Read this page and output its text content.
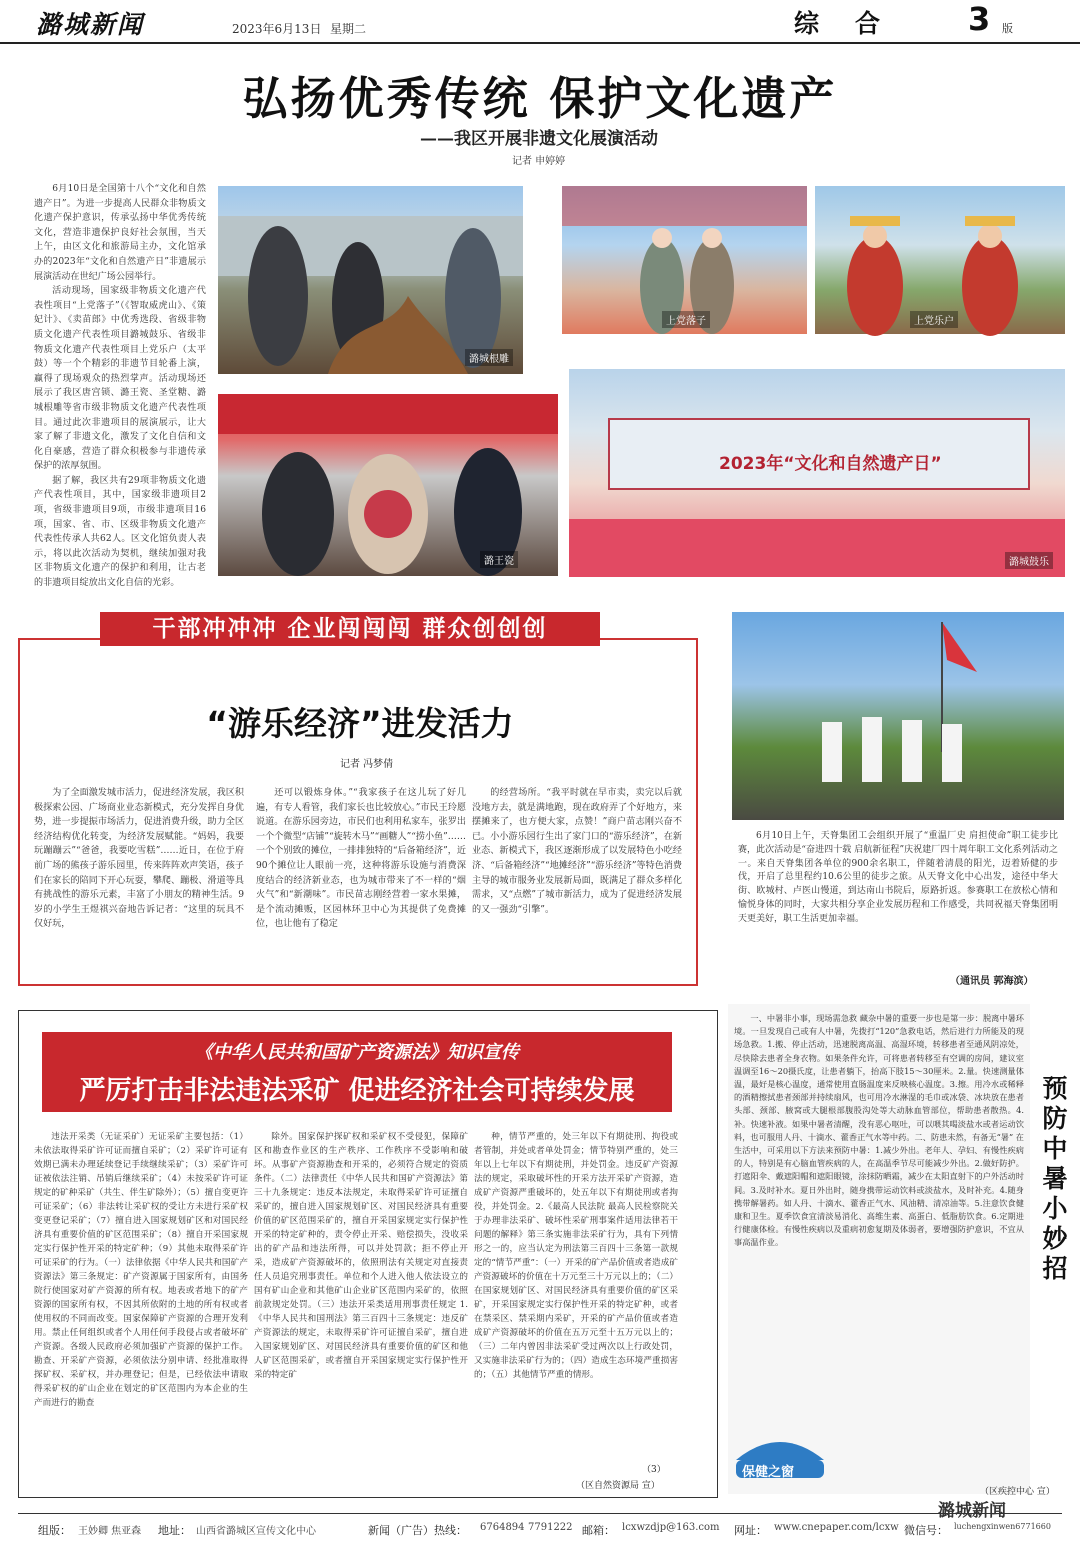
潞城新闻	2023年6月13日 星期二	综合 3 版
弘扬优秀传统 保护文化遗产
——我区开展非遗文化展演活动
记者 申婷婷

6月10日是全国第十八个“文化和自然遗产日”。为进一步提高人民群众非物质文化遗产保护意识，传承弘扬中华优秀传统文化，营造非遗保护良好社会氛围，当天上午，由区文化和旅游局主办，文化馆承办的2023年“文化和自然遗产日”非遗展示展演活动在世纪广场公园举行。

活动现场，国家级非物质文化遗产代表性项目“上党落子”（《智取威虎山》、《策妃计》、《卖苗郎》中优秀选段、省级非物质文化遗产代表性项目潞城鼓乐、省级非物质文化遗产代表性项目上党乐户（太平鼓）等一个个精彩的非遗节目轮番上演，赢得了现场观众的热烈掌声。活动现场还展示了我区唐宫锁、潞王瓷、圣堂糖、潞城根雕等省市级非物质文化遗产代表性项目。通过此次非遗项目的展演展示，让大家了解了非遗文化，激发了文化自信和文化自豪感，营造了群众积极参与非遗传承保护的浓厚氛围。

据了解，我区共有29项非物质文化遗产代表性项目，其中，国家级非遗项目2项，省级非遗项目9项，市级非遗项目16项，国家、省、市、区级非物质文化遗产代表性传承人共62人。区文化馆负责人表示，将以此次活动为契机，继续加强对我区非物质文化遗产的保护和利用，让古老的非遗项目绽放出文化自信的光彩。

潞城根雕
上党落子	上党乐户
潞王瓷
2023年“文化和自然遗产日”
潞城鼓乐
“游乐经济”进发活力
记者 冯梦倩
干部冲冲冲 企业闯闯闯 群众创创创

为了全面激发城市活力，促进经济发展，我区积极探索公园、广场商业业态新模式，充分发挥自身优势，进一步提振市场活力，促进消费升级，助力全区经济结构优化转变，为经济发展赋能。“妈妈，我要玩蹦蹦云”“爸爸，我要吃雪糕”……近日，在位于府前广场的熊孩子游乐园里，传来阵阵欢声笑语，孩子们在家长的陪同下开心玩耍，攀爬、蹦极、滑道等具有挑战性的游乐元素，丰富了小朋友的精神生活。9岁的小学生王煜祺兴奋地告诉记者：“这里的玩具不仅好玩，

还可以锻炼身体。”“我家孩子在这儿玩了好几遍，有专人看管，我们家长也比较放心。”市民王玲愿说道。在游乐园旁边，市民们也利用私家车，张罗出一个个微型“店铺”“旋转木马”“画糖人”“捞小鱼”……一个个别致的摊位，一排排独特的“后备箱经济”，近90个摊位让人眼前一亮，这种将游乐设施与消费深度结合的经济新业态，也为城市带来了不一样的“烟火气”和“新潮味”。市民苗志刚经营着一家水果摊，是个流动摊贩，区园林环卫中心为其提供了免费摊位，也让他有了稳定

的经营场所。“我平时就在早市卖，卖完以后就没地方去，就是满地跑，现在政府弄了个好地方，来摆摊来了，也方便大家，点赞！”商户苗志刚兴奋不已。小小游乐园行生出了家门口的“游乐经济”，在新业态、新模式下，我区逐渐形成了以发展特色小吃经济、“后备箱经济”“地摊经济”“游乐经济”等特色消费主导的城市服务业发展新局面，既满足了群众多样化需求，又“点燃”了城市新活力，成为了促进经济发展的又一强劲“引擎”。

6月10日上午，天脊集团工会组织开展了“重温厂史 肩担使命”职工徒步比赛，此次活动是“奋进四十载 启航新征程”庆祝建厂四十周年职工文化系列活动之一。来自天脊集团各单位的900余名职工，伴随着清晨的阳光，迈着矫健的步伐，开启了总里程约10.6公里的徒步之旅。从天脊文化中心出发，途径中华大街、欧城村、卢医山慢道，到达南山书院后，原路折返。参赛职工在放松心情和愉悦身体的同时，大家共相分享企业发展历程和工作感受，共同祝福天脊集团明天更美好，职工生活更加幸福。

（通讯员 郭海滨）
《中华人民共和国矿产资源法》知识宣传
严厉打击非法违法采矿 促进经济社会可持续发展

违法开采类（无证采矿）无证采矿主要包括：（1）未依法取得采矿许可证而擅自采矿；（2）采矿许可证有效期已满未办理延续登记手续继续采矿；（3）采矿许可证被依法注销、吊销后继续采矿；（4）未按采矿许可证规定的矿种采矿（共生、伴生矿除外）；（5）擅自变更许可证采矿；（6）非法转让采矿权的受让方未进行采矿权变更登记采矿；（7）擅自进入国家规划矿区和对国民经济具有重要价值的矿区范围采矿；（8）擅自开采国家规定实行保护性开采的特定矿种；（9）其他未取得采矿许可证采矿的行为。（一）法律依据《中华人民共和国矿产资源法》第三条规定：矿产资源属于国家所有，由国务院行使国家对矿产资源的所有权。地表或者地下的矿产资源的国家所有权，不因其所依附的土地的所有权或者使用权的不同而改变。国家保障矿产资源的合理开发利用。禁止任何组织或者个人用任何手段侵占或者破坏矿产资源。各级人民政府必须加强矿产资源的保护工作。勘查、开采矿产资源，必须依法分别申请、经批准取得探矿权、采矿权，并办理登记；但是，已经依法申请取得采矿权的矿山企业在划定的矿区范围内为本企业的生产而进行的勘查

除外。国家保护探矿权和采矿权不受侵犯，保障矿区和勘查作业区的生产秩序、工作秩序不受影响和破坏。从事矿产资源勘查和开采的，必须符合规定的资质条件。（二）法律责任《中华人民共和国矿产资源法》第三十九条规定：违反本法规定，未取得采矿许可证擅自采矿的，擅自进入国家规划矿区、对国民经济具有重要价值的矿区范围采矿的，擅自开采国家规定实行保护性开采的特定矿种的，责令停止开采、赔偿损失，没收采出的矿产品和违法所得，可以并处罚款；拒不停止开采，造成矿产资源破坏的，依照刑法有关规定对直接责任人员追究刑事责任。单位和个人进入他人依法设立的国有矿山企业和其他矿山企业矿区范围内采矿的，依照前款规定处罚。（三）违法开采类适用刑事责任规定 1.《中华人民共和国刑法》第三百四十三条规定：违反矿产资源法的规定，未取得采矿许可证擅自采矿，擅自进入国家规划矿区、对国民经济具有重要价值的矿区和他人矿区范围采矿，或者擅自开采国家规定实行保护性开采的特定矿

种，情节严重的，处三年以下有期徒刑、拘役或者管制，并处或者单处罚金；情节特别严重的，处三年以上七年以下有期徒刑，并处罚金。违反矿产资源法的规定，采取破坏性的开采方法开采矿产资源，造成矿产资源严重破坏的，处五年以下有期徒刑或者拘役，并处罚金。2.《最高人民法院 最高人民检察院关于办理非法采矿、破坏性采矿刑事案件适用法律若干问题的解释》第三条实施非法采矿行为，具有下列情形之一的，应当认定为刑法第三百四十三条第一款规定的“情节严重”：（一）开采的矿产品价值或者造成矿产资源破坏的价值在十万元至三十万元以上的；（二）在国家规划矿区、对国民经济具有重要价值的矿区采矿，开采国家规定实行保护性开采的特定矿种，或者在禁采区、禁采期内采矿，开采的矿产品价值或者造成矿产资源破坏的价值在五万元至十五万元以上的；（三）二年内曾因非法采矿受过两次以上行政处罚，又实施非法采矿行为的；（四）造成生态环境严重损害的；（五）其他情节严重的情形。

（3）
（区自然资源局 宣）

一、中暑非小事，现场需急救 藏杂中暑的重要一步也是第一步：脱离中暑环境。一旦发现自己或有人中暑，先拨打“120”急救电话，然后进行力所能及的现场急救。1.搬、停止活动，迅速脱离高温、高湿环境，转移患者至通风阴凉处，尽快除去患者全身衣物。如果条件允许，可将患者转移至有空调的房间，建议室温调至16～20摄氏度，让患者躺下，抬高下肢15～30厘米。2.量。快速测量体温，最好是核心温度，通常使用直肠温度来反映核心温度。3.擦。用冷水或稀释的酒精擦拭患者颈部并持续扇风，也可用冷水淋湿的毛巾或冰袋、冰块放在患者头部、颈部、腋窝或大腿根部腹股沟处等大动脉血管部位，帮助患者散热。4.补。快速补液。如果中暑者清醒，没有恶心呕吐，可以喂其喝淡盐水或者运动饮料，也可服用人丹、十滴水、藿香正气水等中药。二、防患未然，有备无“暑” 在生活中，可采用以下方法来预防中暑：1.减少外出。老年人、孕妇、有慢性疾病的人，特别是有心脑血管疾病的人，在高温季节尽可能减少外出。2.做好防护。打遮阳伞、戴遮阳帽和遮阳眼镜，涂抹防晒霜，减少在太阳直射下的户外活动时间。3.及时补水。夏日外出时，随身携带运动饮料或淡盐水，及时补充。4.随身携带解暑药。如人丹、十滴水、藿香正气水、风油精、清凉油等。5.注意饮食健康和卫生。夏季饮食宜清淡易消化、高维生素、高蛋白、低脂肪饮食。6.定期进行健康体检。有慢性疾病以及重病初愈复期及体弱者，要增强防护意识，不宜从事高温作业。

预防中暑小妙招
（区疾控中心 宣）
保健之窗
组版： 王妙卿 焦亚森 地址： 山西省潞城区宣传文化中心	新闻（广告）热线： 6764894 7791222 邮箱： lcxwzdjp@163.com 网址： www.cnepaper.com/lcxw 微信号： luchengxinwen6771660
潞城新闻
